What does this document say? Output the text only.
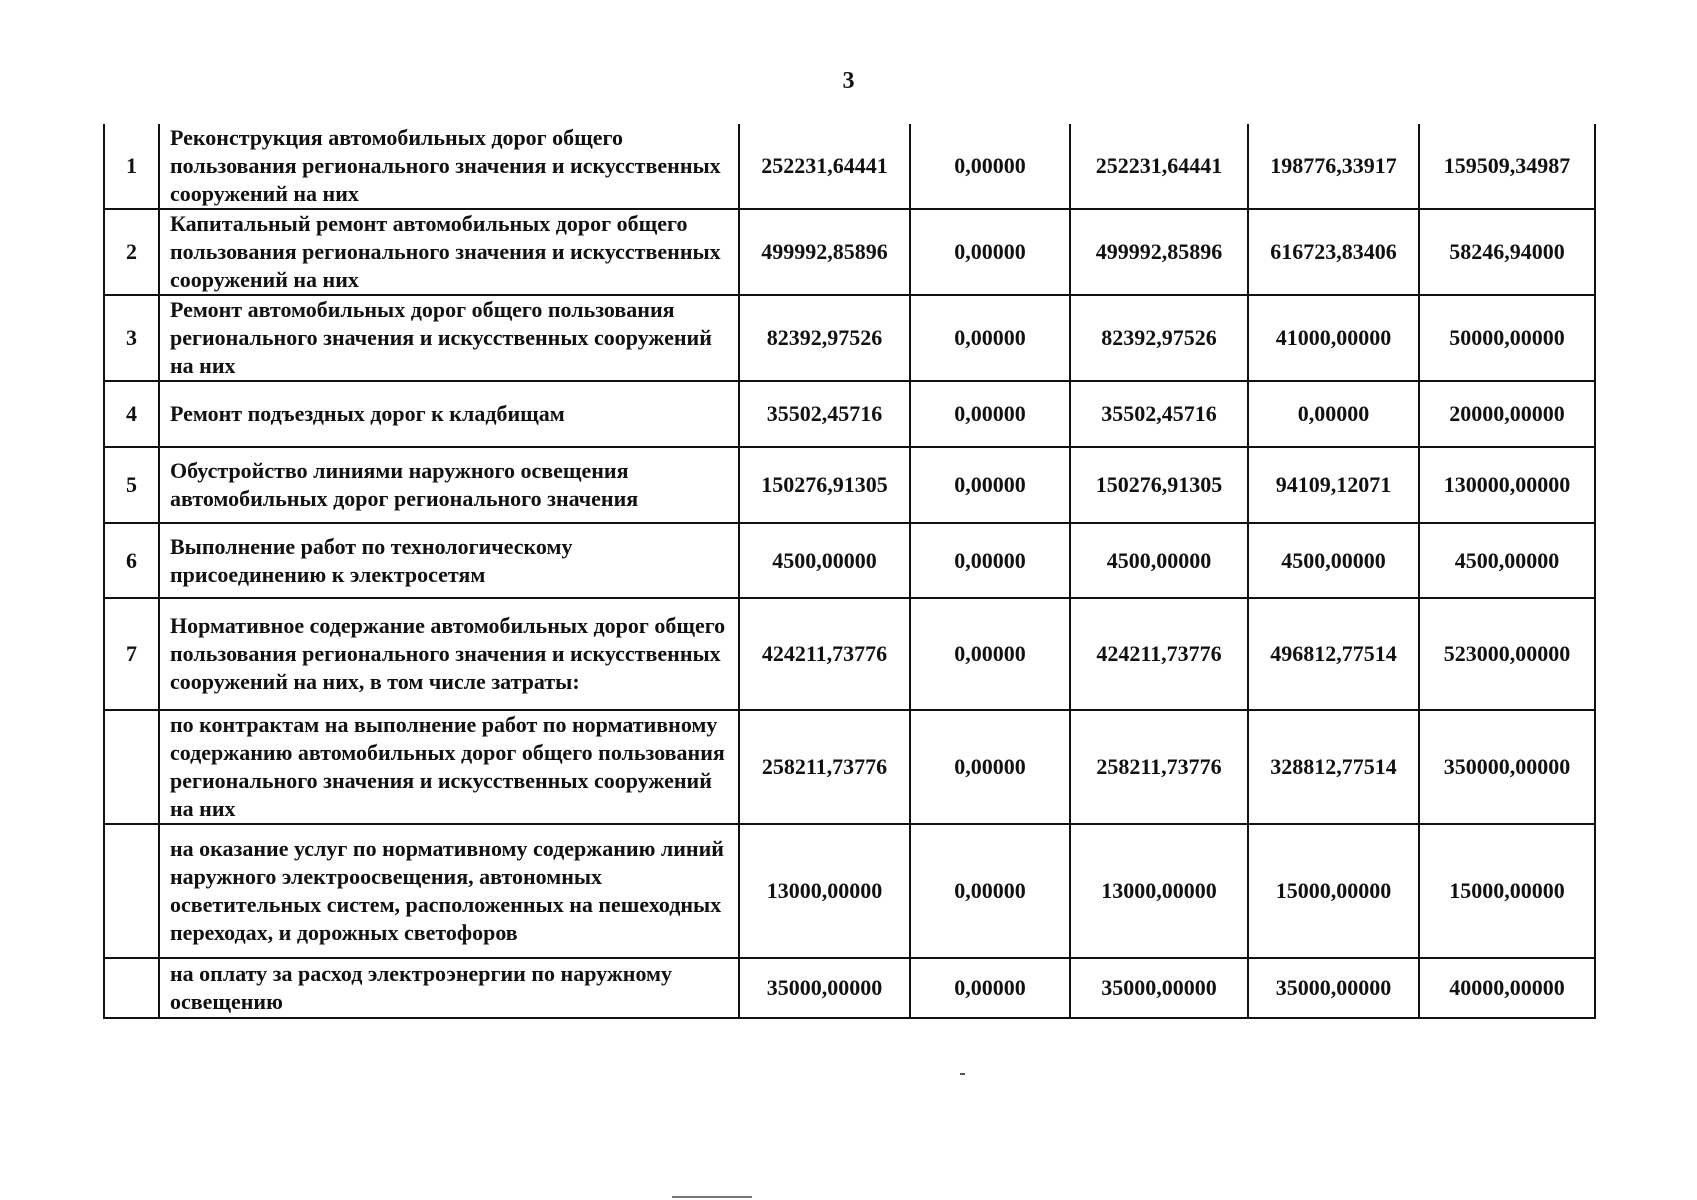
3
1	Реконструкция автомобильных дорог общего пользования регионального значения и искусственных сооружений на них	252231,64441	0,00000	252231,64441	198776,33917	159509,34987
2	Капитальный ремонт автомобильных дорог общего пользования регионального значения и искусственных сооружений на них	499992,85896	0,00000	499992,85896	616723,83406	58246,94000
3	Ремонт автомобильных дорог общего пользования регионального значения и искусственных сооружений на них	82392,97526	0,00000	82392,97526	41000,00000	50000,00000
4	Ремонт подъездных дорог к кладбищам	35502,45716	0,00000	35502,45716	0,00000	20000,00000
5	Обустройство линиями наружного освещения автомобильных дорог регионального значения	150276,91305	0,00000	150276,91305	94109,12071	130000,00000
6	Выполнение работ по технологическому присоединению к электросетям	4500,00000	0,00000	4500,00000	4500,00000	4500,00000
7	Нормативное содержание автомобильных дорог общего пользования регионального значения и искусственных сооружений на них, в том числе затраты:	424211,73776	0,00000	424211,73776	496812,77514	523000,00000
	по контрактам на выполнение работ по нормативному содержанию автомобильных дорог общего пользования регионального значения и искусственных сооружений на них	258211,73776	0,00000	258211,73776	328812,77514	350000,00000
	на оказание услуг по нормативному содержанию линий наружного электроосвещения, автономных осветительных систем, расположенных на пешеходных переходах, и дорожных светофоров	13000,00000	0,00000	13000,00000	15000,00000	15000,00000
	на оплату за расход электроэнергии по наружному освещению	35000,00000	0,00000	35000,00000	35000,00000	40000,00000
